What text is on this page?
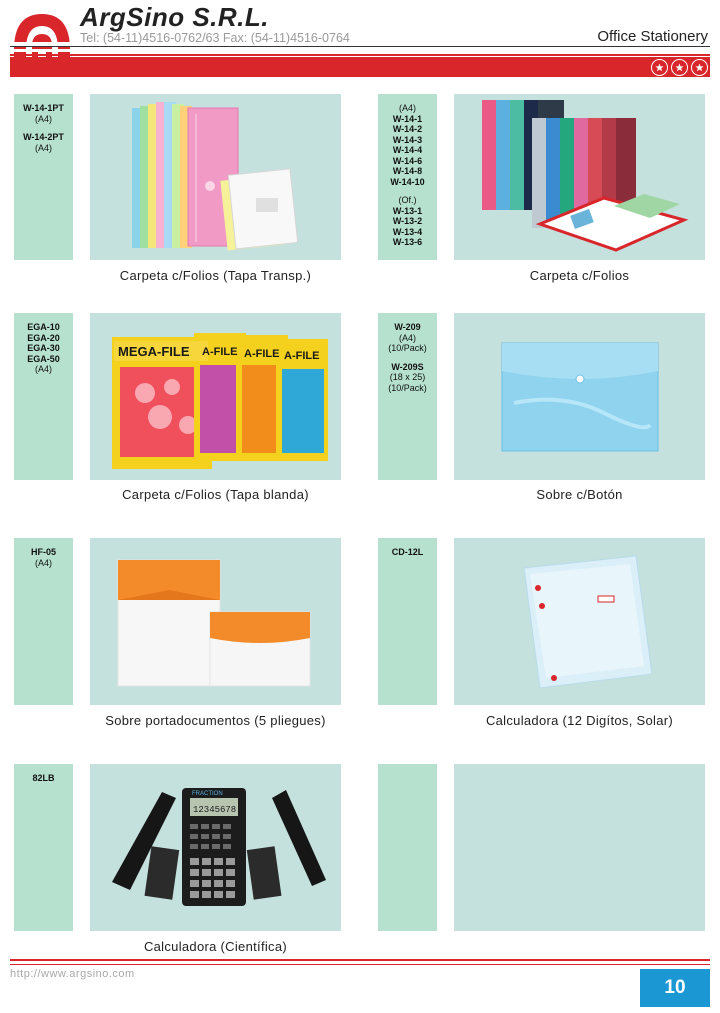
ArgSino S.R.L.
Tel: (54-11)4516-0762/63 Fax: (54-11)4516-0764	Office Stationery
W-14-1PT
(A4)
W-14-2PT
(A4)
Carpeta c/Folios (Tapa Transp.)
(A4)
W-14-1
W-14-2
W-14-3
W-14-4
W-14-6
W-14-8
W-14-10
(Of.)
W-13-1
W-13-2
W-13-4
W-13-6
Carpeta c/Folios
EGA-10
EGA-20
EGA-30
EGA-50
(A4)
MEGA-FILE A-FILE A-FILE A-FILE
Carpeta c/Folios (Tapa blanda)
W-209
(A4)
(10/Pack)
W-209S
(18 x 25)
(10/Pack)
Sobre c/Botón
HF-05
(A4)
Sobre portadocumentos (5 pliegues)
CD-12L
Calculadora (12 Digítos, Solar)
82LB
12345678
FRACTION
Calculadora (Científica)
http://www.argsino.com
10
